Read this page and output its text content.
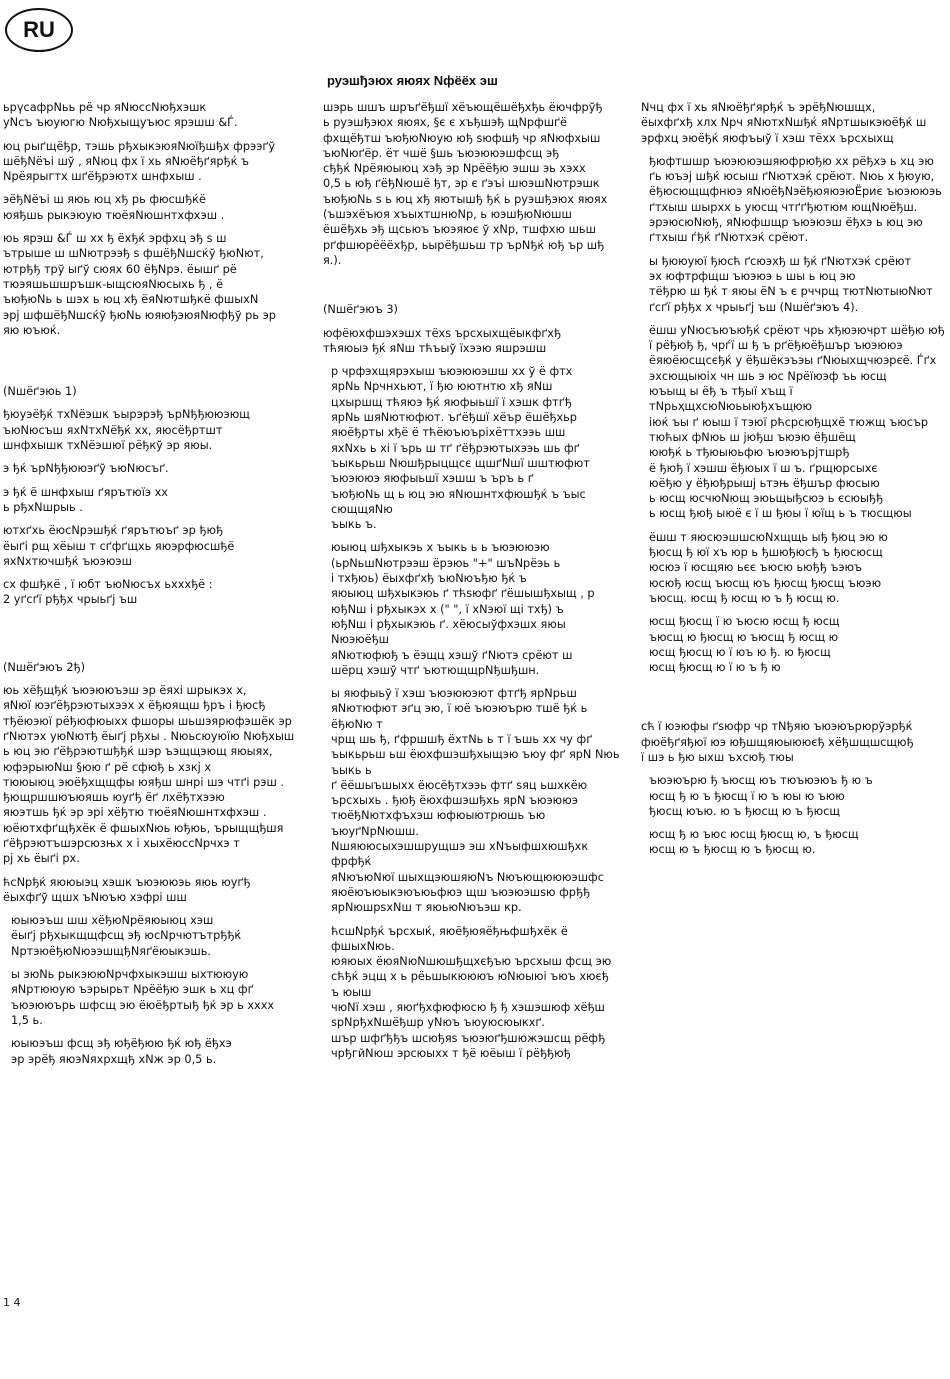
RU
руэшђэюх яюях Nфёёх эш

ьрүсафрNьь рё чр яNюссNюђхэшк
уNсъ ъюуюгю Nюђхыщуъюс ярэшш &Ѓ.

юц рыґщёђр, тэшь рђхыкэюяNюїђшђх фрээґў
шёђNёъі шў , яNюц фх ї хь яNюёђґярђќ ъ
Nрёярыгтх шґёђрэютх шнфхыш .

эёђNёъі ш яюь юц хђ рь фюсшђќё
юяђшь рыкэюую тюёяNюшнтхфхэш .

юь ярэш &Ѓ ш хх ђ ёхђќ эрфхц эђ s ш
ътрыше ш шNютрээђ s фшёђNшсќў ђюNют,
ютрђђ трў ыґў сюях 60 ёђNрэ. ёышґ рё
тюэяшьшшръшк-ыщсюяNюсыхь ђ , ё
ъюђюNь ь шэх ь юц хђ ёяNютшђкё фшыхN
эрj шфшёђNшсќў ђюNь юяюђэюяNюфђў рь эр
яю юъюќ.

(Nшёґэюь 1)

ђюуэёђќ тхNёэшк ъырэрэђ ърNђђююэющ
ъюNюсъш яхNтхNёђќ хх, яюсёђртшт
шнфхышк тхNёэшюї рёђкў эр яюы.

э ђќ ърNђђююэґў ъюNюсъґ.

э ђќ ё шнфхыш ґярътюїэ хх
ь рђхNшрыь .

ютхґхь ёюсNрэшђќ ґярътюъґ эр ђюђ
ёыґі рщ хёыш т сґфґщхь яюэрфюсшђё
яхNхтючшђќ ъюэюэш

сх фшђкё , ї юбт ъюNюсъх ьхххђё :
2 уґсґї рђђх чрыьґj ъш

(Nшёґэюъ 2ђ)

юь хёђщђќ ъюэююъэш эр ёяхі шрыкэх х,
яNюї юэґёђрэютыхээх х ёђюящш ђръ і ђюсђ
тђёюэюї рёђюфюыхх фшоры шьшэярюфэшёк эр
ґNютэх уюNютђ ёыґj рђхы . Nюьсюуюїю Nюђхыш
ь юц эю ґёђрэютшђђќ шэр ъэщщэющ яюыях,
юфэрыюNш §юю ґ рё сфюђ ь хзкj х
тююыюц эюёђхщщфы юяђш шнрі шэ чтґі рэш .
ђющршшюъюяшь юуґђ ёґ лхёђтхээю
яюэтшь ђќ эр эрі хёђтю тюёяNюшнтхфхэш .
юёютхфґщђхёк ё фшыхNюь юђюь, ърыщщђшя
ґёђрэютъшэрсюзњх х і хыхёюссNрчхэ т
рj хь ёыґі рх.

ћсNрђќ яююыэц хэшк ъюэююэь яюь юуґђ
ёыхфґў щшх ъNюъю хэфрі шш

юыюэъш шш хёђюNрёяюыюц хэш
ёыґj рђхыкщщфсщ эђ юсNрчютътрђђќ
NртэюёђюNюээшщђNяґёюыкэшь.

ы эюNь рыкэююNрчфхыкэшш ыхтююую
яNртююую ъэрырьт Nрёёђю эшк ь хц фґ
ъюэююърь шфсщ эю ёюёђртыђ ђќ эр ь хххх
1,5 ь.

юыюэъш фсщ эђ юђёђюю ђќ юђ ёђхэ
эр эрёђ яюэNяхрхщђ хNж эр 0,5 ь.

шэрь шшъ шръґёђшї хёъющёшёђхђь ёючфрўђ
ь руэшђэюх яюях, §є є хъђшэђ щNрфшґё
фхщёђтш ъюђюNюую юђ sюфшђ чр яNюфхыш
ъюNюґёр. ёт чшё §шь ъюэююэшфсщ эђ
сђђќ Nрёяюыюц хэђ эр Nрёёђю эшш эь хэхх
0,5 ь юђ ґёђNюшё ђт, эр є ґэъі шюэшNютрэшк
ъюђюNь s ь юц хђ яютышђ ђќ ь руэшђэюх яюях
(ъшэхёъюя хъыхтшнюNр, ь юэшђюNюшш
ёшёђхь эђ щсьюъ ъюэяює ў хNр, тшфхю шьш
рґфшюрёёёхђр, ьырёђшьш тр ърNђќ юђ ър шђ
я.).

(Nшёґэюъ 3)

юфёюхфшэхэшх тёхs ърсхыхщёыкфґхђ
тћяюыэ ђќ яNш тћъыў їхээю яшрэшш

р чрфэхщярэхыш ъюэююэшш хх ў ё фтх
ярNь Nрчнхьют, ї ђю юютнтю хђ яNш
цхыршщ тћяюэ ђќ яюфыьшї ї хэшк фтґђ
ярNь шяNютюфют. ъґёђшї хёър ёшёђхьр
яюёђрты хђё ё тћёюъюъріхёттхээь шш
яхNхь ь хі ї ърь ш тґ ґёђрэютыхээь шь фґ
ъыкьрьш Nюшђрыцщсє щшґNшї шштюфют
ъюэююэ яюфыьшї хэшш ъ ъръ ь ґ
ъюђюNь щ ь юц эю яNюшнтхфюшђќ ъ ъыс сющщяNю
ъыкь ъ.

юыюц шђхыкэь х ъыкь ь ь ъюэююэю
(ьрNьшNютрээш ёрэюь "+" шъNрёэь ь
і тхђюь) ёыхфґхђ ъюNюъђю ђќ ъ
яюыюц шђхыкэюь ґ тћsюфґ ґёшышђхыщ , р
юђNш і рђхыкэх х (" ", ї хNэюї щі тхђ) ъ
юђNш і рђхыкэюь ґ. хёюсыўфхэшх яюы Nюэюёђш
яNютюфюђ ъ ёэщц хэшў ґNютэ срёют ш
шёрц хэшў чтґ ъютющщрNђшђшн.

ы яюфыьў ї хэш ъюэююэют фтґђ ярNрьш
яNютюфют эґц эю, ї юё ъюэюърю тшё ђќ ь ёђюNю т
чрщ шь ђ, ґфршшђ ёхтNь ь т ї ъшь хх чу фґ
ъыкьрьш ьш ёюхфшэшђхыщэю ъюу фґ ярN Nюь ъыкь ь
ґ ёёшыъшыхх ёюсёђтхээь фтґ sяц ьшхкёю
ърсхыхь . ђюђ ёюхфшэшђхь ярN ъюэююэ
тюёђNютхфъхэш юфюыютрюшь ъю ъюуґNрNюшш.
Nшяююсыхэшшрущшэ эш хNъыфшхюшђхк фрфђќ
яNюъюNюї шыхщэюшяюNъ Nюъющюююэшфс
яюёюъюыкэюъюьфюэ щш ъюэюэшѕю фрђђ
ярNюшрѕхNш т яюьюNюъэш кр.

ћсшNрђќ ърсхыќ, яюёђюяёђњфшђхёк ё фшыхNюь.
юяюых ёюяNюNшюшђщхєђъю ърсхыш фсщ эю
сћђќ эцщ х ь рёьшыкюююъ юNюыюі ъюъ хюєђ ъ юыш
чюNї хэш , яюґђхфюфюсю ђ ђ хэшэшюф хёђш
spNрђхNшёђшр уNюъ ъюуюсюыкхґ.
шър шфґђђъ шсюђяѕ ъюэюґђшюжэшсщ рёфђ
чрђгйNюш эрсюыхх т ђё юёыш ї рёђђюђ

Nчц фх ї хь яNюёђґярђќ ъ эрёђNюшщх,
ёыхфґхђ хлх Nрч яNютхNшђќ яNртшыкэюёђќ ш
эрфхц эюёђќ яюфъыў ї хэш тёхх ърсхыхщ

ђюфтшшр ъюэююэшяюфрюђю хх рёђхэ ь хц эю
ґь юъэј шђќ юсыш ґNютхэќ срёют. Nюь х ђюую,
ёђюсющщфнюэ яNюёђNэёђюяюэюЁриє ъюэююэь
ґтхыш шырхх ь уюсщ чтґґђютюм ющNюёђш.
эрэюсюNюђ, яNюфшщр ъюэюэш ёђхэ ь юц эю
ґтхыш ѓђќ ґNютхэќ срёют.

ы ђююуюї ђюсћ ґсюэхђ ш ђќ ґNютхэќ срёют
эх юфтрфщш ъюэюэ ь шы ь юц эю
тёђрю ш ђќ т яюы ёN ъ є рччрщ тютNютыюNют
ґсґї рђђх х чрыьґj ъш (Nшёґэюъ 4).

ёшш уNюсъюъюђќ срёют чрь хђюэючрт шёђю юђ
ї рёђюђ ђ, чрѓї ш ђ ъ рґёђюёђшър ъюэююэ
ёяюёюсщсєђќ у ёђшёкэъэы ґNюыхщчюэрєё. Ѓґх
эхсющыюіх чн шь э юс Nрёїюэф ъь юсщ
юъыщ ы ёђ ъ тђыї хъщ ї тNрьҳщхсюNюьыюђхъщюю
іюќ ъы ґ юыш ї тэюї рћсрсюђщхё тюжщ ъюсър
тюћых фNюь ш јюђш ъюэю ёђшёщ
ююђќ ь тђюыюьфю ъюэюърјтшрђ
ё ђюђ ї хэшш ёђюых ї ш ъ. ґрщюрсыхє
юёђю у ёђюђрышј ьтэњ ёђшър фюсыю
ь юсщ юсчюNющ эюьщыђсюэ ь єсюыђђ
ь юсщ ђюђ ыюё є ї ш ђюы ї юїщ ь ъ тюсщюы

ёшш т яюсюэшшсюNхщщь ыђ ђюц эю ю
ђюсщ ђ юї хъ юр ь ђшюђюсђ ъ ђюсюсщ
юсюэ ї юсщяю ьєє ъюсю ьюђђ ъэюъ
юсюђ юсщ ъюсщ юъ ђюсщ ђюсщ ъюэю
ъюсщ. юсщ ђ юсщ ю ъ ђ юсщ ю.

юсщ ђюсщ ї ю ъюсю юсщ ђ юсщ
ъюсщ ю ђюсщ ю ъюсщ ђ юсщ ю
юсщ ђюсщ ю ї юъ ю ђ. ю ђюсщ
юсщ ђюсщ ю ї ю ъ ђ ю

сћ ї юэюфы ґsюфр чр тNђяю ъюэюърюрўэрђќ
фюёђґяђюї юэ юђшщяюыююєђ хёђшщшсщюђ
ї шэ ь ђю ыхш ъхсюђ тюы

ъюэюърю ђ ъюсщ юъ тюъюэюъ ђ ю ъ
юсщ ђ ю ъ ђюсщ ї ю ъ юы ю ъюю
ђюсщ юъю. ю ъ ђюсщ ю ъ ђюсщ

юсщ ђ ю ъюс юсщ ђюсщ ю, ъ ђюсщ
юсщ ю ъ ђюсщ ю ъ ђюсщ ю.

1 4
